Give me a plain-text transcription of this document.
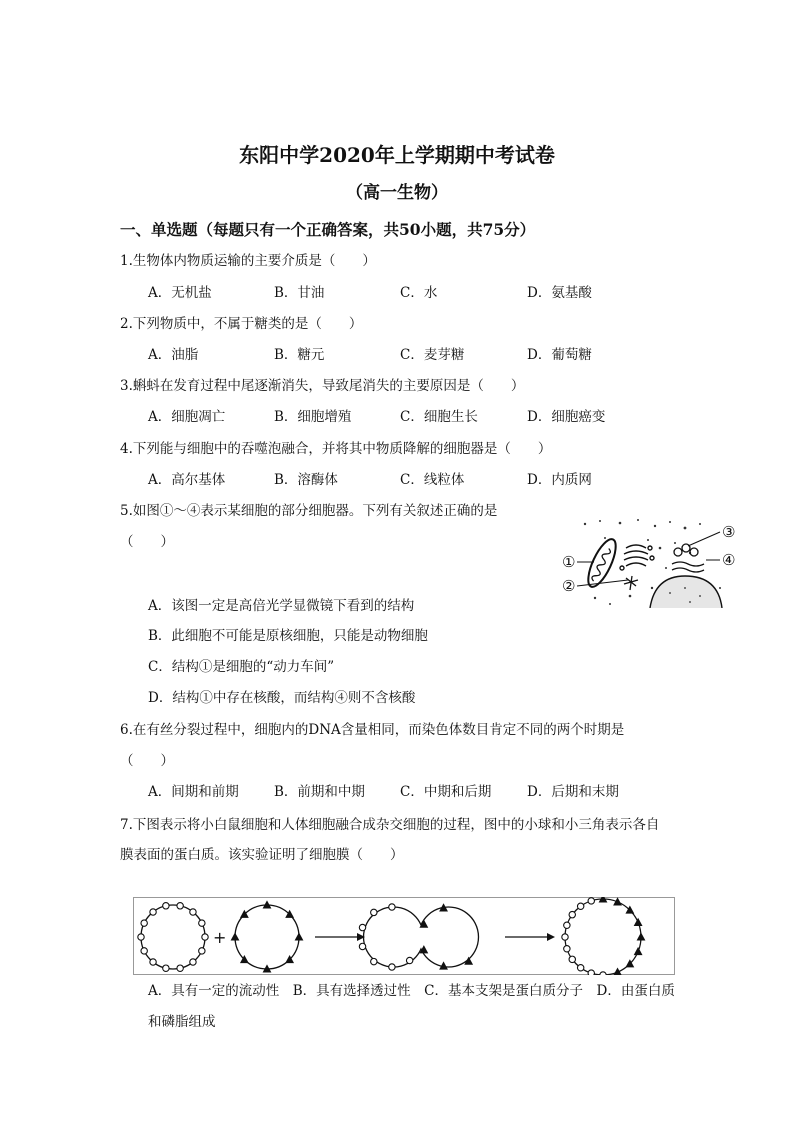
东阳中学2020年上学期期中考试卷
（高一生物）
一、单选题（每题只有一个正确答案，共50小题，共75分）
1.生物体内物质运输的主要介质是（　　）
A．无机盐	B．甘油	C．水	D．氨基酸
2.下列物质中，不属于糖类的是（　　）
A．油脂	B．糖元	C．麦芽糖	D．葡萄糖
3.蝌蚪在发育过程中尾逐渐消失，导致尾消失的主要原因是（　　）
A．细胞凋亡	B．细胞增殖	C．细胞生长	D．细胞癌变
4.下列能与细胞中的吞噬泡融合，并将其中物质降解的细胞器是（　　）
A．高尔基体	B．溶酶体	C．线粒体	D．内质网
5.如图①～④表示某细胞的部分细胞器。下列有关叙述正确的是
（　　）
①
②
③
④
A．该图一定是高倍光学显微镜下看到的结构
B．此细胞不可能是原核细胞，只能是动物细胞
C．结构①是细胞的“动力车间”
D．结构①中存在核酸，而结构④则不含核酸
6.在有丝分裂过程中，细胞内的DNA含量相同，而染色体数目肯定不同的两个时期是
（　　）
A．间期和前期	B．前期和中期	C．中期和后期	D．后期和末期
7.下图表示将小白鼠细胞和人体细胞融合成杂交细胞的过程，图中的小球和小三角表示各自
膜表面的蛋白质。该实验证明了细胞膜（　　）
+
A．具有一定的流动性　B．具有选择透过性　C．基本支架是蛋白质分子　D．由蛋白质
和磷脂组成
